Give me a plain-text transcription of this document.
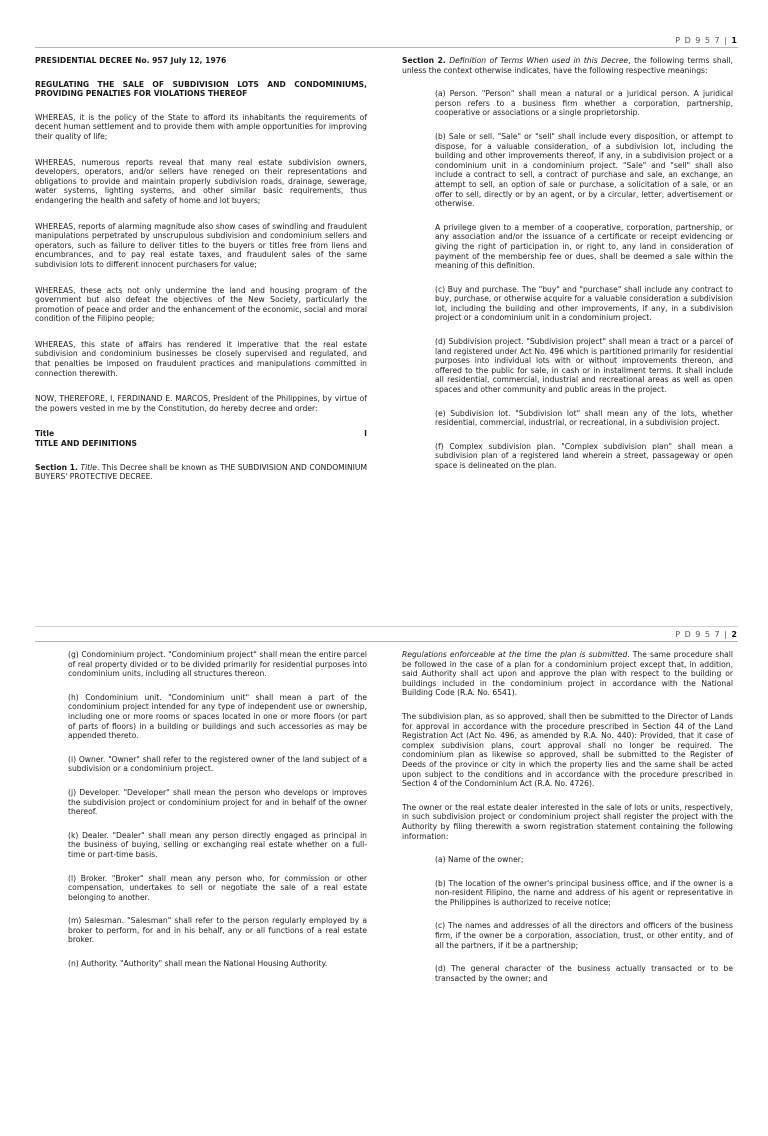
P D 9 5 7 | 1

PRESIDENTIAL DECREE No. 957 July 12, 1976

REGULATING THE SALE OF SUBDIVISION LOTS AND CONDOMINIUMS, PROVIDING PENALTIES FOR VIOLATIONS THEREOF

WHEREAS, it is the policy of the State to afford its inhabitants the requirements of decent human settlement and to provide them with ample opportunities for improving their quality of life;

WHEREAS, numerous reports reveal that many real estate subdivision owners, developers, operators, and/or sellers have reneged on their representations and obligations to provide and maintain properly subdivision roads, drainage, sewerage, water systems, lighting systems, and other similar basic requirements, thus endangering the health and safety of home and lot buyers;

WHEREAS, reports of alarming magnitude also show cases of swindling and fraudulent manipulations perpetrated by unscrupulous subdivision and condominium sellers and operators, such as failure to deliver titles to the buyers or titles free from liens and encumbrances, and to pay real estate taxes, and fraudulent sales of the same subdivision lots to different innocent purchasers for value;

WHEREAS, these acts not only undermine the land and housing program of the government but also defeat the objectives of the New Society, particularly the promotion of peace and order and the enhancement of the economic, social and moral condition of the Filipino people;

WHEREAS, this state of affairs has rendered it imperative that the real estate subdivision and condominium businesses be closely supervised and regulated, and that penalties be imposed on fraudulent practices and manipulations committed in connection therewith.

NOW, THEREFORE, I, FERDINAND E. MARCOS, President of the Philippines, by virtue of the powers vested in me by the Constitution, do hereby decree and order:

Title	I

TITLE AND DEFINITIONS

Section 1. Title. This Decree shall be known as THE SUBDIVISION AND CONDOMINIUM BUYERS' PROTECTIVE DECREE.

Section 2. Definition of Terms When used in this Decree, the following terms shall, unless the context otherwise indicates, have the following respective meanings:

(a) Person. "Person" shall mean a natural or a juridical person. A juridical person refers to a business firm whether a corporation, partnership, cooperative or associations or a single proprietorship.

(b) Sale or sell. "Sale" or "sell" shall include every disposition, or attempt to dispose, for a valuable consideration, of a subdivision lot, including the building and other improvements thereof, if any, in a subdivision project or a condominium unit in a condominium project. "Sale" and "sell" shall also include a contract to sell, a contract of purchase and sale, an exchange, an attempt to sell, an option of sale or purchase, a solicitation of a sale, or an offer to sell, directly or by an agent, or by a circular, letter, advertisement or otherwise.

A privilege given to a member of a cooperative, corporation, partnership, or any association and/or the issuance of a certificate or receipt evidencing or giving the right of participation in, or right to, any land in consideration of payment of the membership fee or dues, shall be deemed a sale within the meaning of this definition.

(c) Buy and purchase. The "buy" and "purchase" shall include any contract to buy, purchase, or otherwise acquire for a valuable consideration a subdivision lot, including the building and other improvements, if any, in a subdivision project or a condominium unit in a condominium project.

(d) Subdivision project. "Subdivision project" shall mean a tract or a parcel of land registered under Act No. 496 which is partitioned primarily for residential purposes into individual lots with or without improvements thereon, and offered to the public for sale, in cash or in installment terms. It shall include all residential, commercial, industrial and recreational areas as well as open spaces and other community and public areas in the project.

(e) Subdivision lot. "Subdivision lot" shall mean any of the lots, whether residential, commercial, industrial, or recreational, in a subdivision project.

(f) Complex subdivision plan. "Complex subdivision plan" shall mean a subdivision plan of a registered land wherein a street, passageway or open space is delineated on the plan.

P D 9 5 7 | 2

(g) Condominium project. "Condominium project" shall mean the entire parcel of real property divided or to be divided primarily for residential purposes into condominium units, including all structures thereon.

(h) Condominium unit. "Condominium unit" shall mean a part of the condominium project intended for any type of independent use or ownership, including one or more rooms or spaces located in one or more floors (or part of parts of floors) in a building or buildings and such accessories as may be appended thereto.

(i) Owner. "Owner" shall refer to the registered owner of the land subject of a subdivision or a condominium project.

(j) Developer. "Developer" shall mean the person who develops or improves the subdivision project or condominium project for and in behalf of the owner thereof.

(k) Dealer. "Dealer" shall mean any person directly engaged as principal in the business of buying, selling or exchanging real estate whether on a full-time or part-time basis.

(l) Broker. "Broker" shall mean any person who, for commission or other compensation, undertakes to sell or negotiate the sale of a real estate belonging to another.

(m) Salesman. "Salesman" shall refer to the person regularly employed by a broker to perform, for and in his behalf, any or all functions of a real estate broker.

(n) Authority. "Authority" shall mean the National Housing Authority.

Regulations enforceable at the time the plan is submitted. The same procedure shall be followed in the case of a plan for a condominium project except that, in addition, said Authority shall act upon and approve the plan with respect to the building or buildings included in the condominium project in accordance with the National Building Code (R.A. No. 6541).

The subdivision plan, as so approved, shall then be submitted to the Director of Lands for approval in accordance with the procedure prescribed in Section 44 of the Land Registration Act (Act No. 496, as amended by R.A. No. 440): Provided, that it case of complex subdivision plans, court approval shall no longer be required. The condominium plan as likewise so approved, shall be submitted to the Register of Deeds of the province or city in which the property lies and the same shall be acted upon subject to the conditions and in accordance with the procedure prescribed in Section 4 of the Condominium Act (R.A. No. 4726).

The owner or the real estate dealer interested in the sale of lots or units, respectively, in such subdivision project or condominium project shall register the project with the Authority by filing therewith a sworn registration statement containing the following information:

(a) Name of the owner;

(b) The location of the owner's principal business office, and if the owner is a non-resident Filipino, the name and address of his agent or representative in the Philippines is authorized to receive notice;

(c) The names and addresses of all the directors and officers of the business firm, if the owner be a corporation, association, trust, or other entity, and of all the partners, if it be a partnership;

(d) The general character of the business actually transacted or to be transacted by the owner; and
